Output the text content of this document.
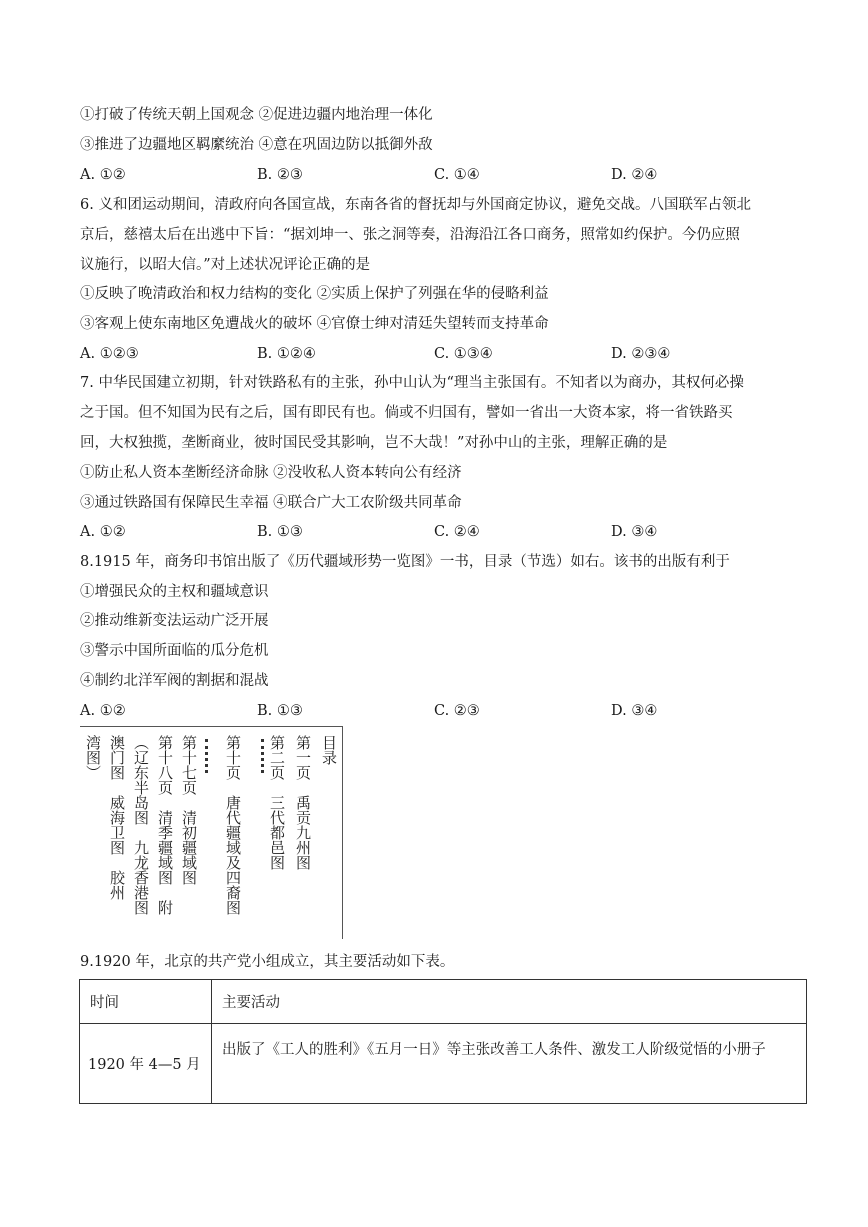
①打破了传统天朝上国观念 ②促进边疆内地治理一体化
③推进了边疆地区羁縻统治 ④意在巩固边防以抵御外敌
A. ①②	B. ②③	C. ①④	D. ②④
6. 义和团运动期间，清政府向各国宣战，东南各省的督抚却与外国商定协议，避免交战。八国联军占领北
京后，慈禧太后在出逃中下旨：“据刘坤一、张之洞等奏，沿海沿江各口商务，照常如约保护。今仍应照
议施行，以昭大信。”对上述状况评论正确的是
①反映了晚清政治和权力结构的变化 ②实质上保护了列强在华的侵略利益
③客观上使东南地区免遭战火的破坏 ④官僚士绅对清廷失望转而支持革命
A. ①②③	B. ①②④	C. ①③④	D. ②③④
7. 中华民国建立初期，针对铁路私有的主张，孙中山认为“理当主张国有。不知者以为商办，其权何必操
之于国。但不知国为民有之后，国有即民有也。倘或不归国有，譬如一省出一大资本家，将一省铁路买
回，大权独揽，垄断商业，彼时国民受其影响，岂不大哉！”对孙中山的主张，理解正确的是
①防止私人资本垄断经济命脉 ②没收私人资本转向公有经济
③通过铁路国有保障民生幸福 ④联合广大工农阶级共同革命
A. ①②	B. ①③	C. ②④	D. ③④
8.1915 年，商务印书馆出版了《历代疆域形势一览图》一书，目录（节选）如右。该书的出版有利于
①增强民众的主权和疆域意识
②推动维新变法运动广泛开展
③警示中国所面临的瓜分危机
④制约北洋军阀的割据和混战
A. ①②	B. ①③	C. ②③	D. ③④
目录
第一页　禹贡九州图
第二页　三代都邑图
第十页　唐代疆域及四裔图
第十七页　清初疆域图
第十八页　清季疆域图　附
（辽东半岛图　九龙香港图
澳门图　威海卫图　胶州
湾图）
9.1920 年，北京的共产党小组成立，其主要活动如下表。
时间	主要活动

1920 年 4—5 月	出版了《工人的胜利》《五月一日》等主张改善工人条件、激发工人阶级觉悟的小册子
